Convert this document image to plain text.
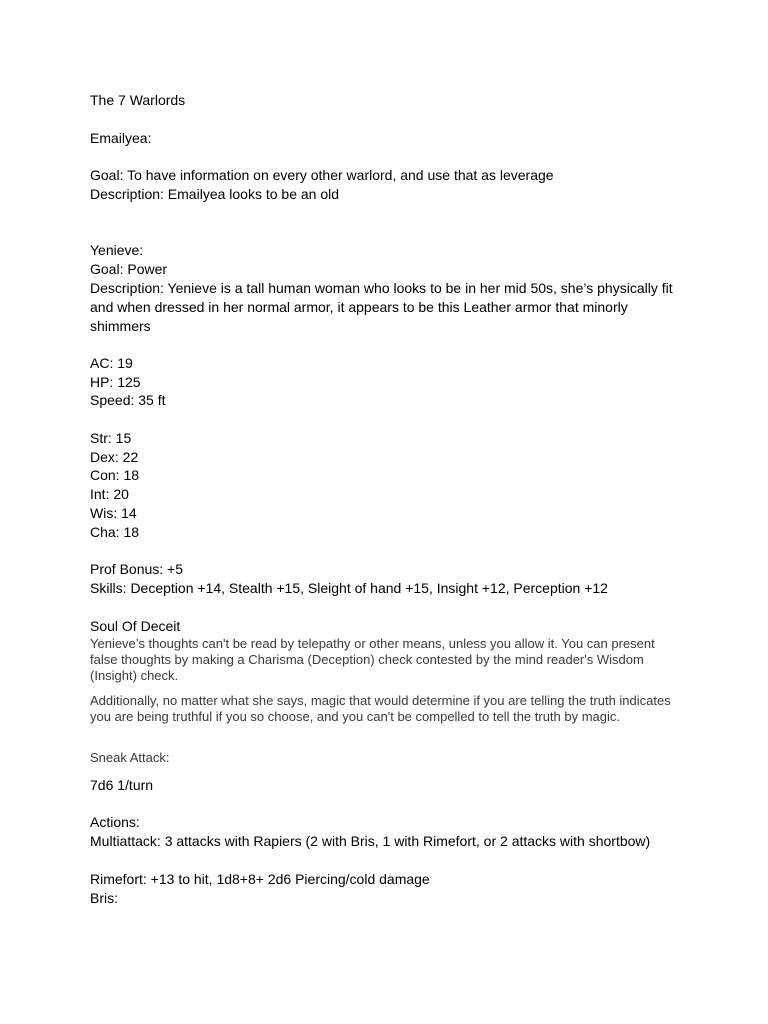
The 7 Warlords

Emailyea:

Goal: To have information on every other warlord, and use that as leverage

Description: Emailyea looks to be an old

Yenieve:

Goal: Power

Description: Yenieve is a tall human woman who looks to be in her mid 50s, she’s physically fit and when dressed in her normal armor, it appears to be this Leather armor that minorly shimmers

AC: 19

HP: 125

Speed: 35 ft

Str: 15

Dex: 22

Con: 18

Int: 20

Wis: 14

Cha: 18

Prof Bonus: +5

Skills: Deception +14, Stealth +15, Sleight of hand +15, Insight +12, Perception +12

Soul Of Deceit

Yenieve’s thoughts can't be read by telepathy or other means, unless you allow it. You can present false thoughts by making a Charisma (Deception) check contested by the mind reader's Wisdom (Insight) check.

Additionally, no matter what she says, magic that would determine if you are telling the truth indicates you are being truthful if you so choose, and you can't be compelled to tell the truth by magic.

Sneak Attack:

7d6 1/turn

Actions:

Multiattack: 3 attacks with Rapiers (2 with Bris, 1 with Rimefort, or 2 attacks with shortbow)

Rimefort: +13 to hit, 1d8+8+ 2d6 Piercing/cold damage

Bris:
